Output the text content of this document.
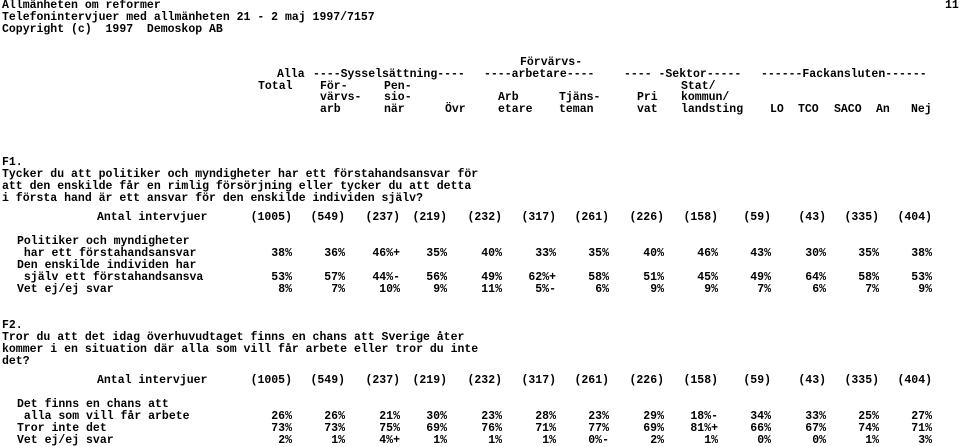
Allmänheten om reformer	11
Telefonintervjuer med allmänheten 21 - 2 maj 1997/7157
Copyright (c)  1997  Demoskop AB
Förvärvs-
Alla ----Sysselsättning---- ----arbetare----	---- -Sektor----- ------Fackansluten------
Total För-	Pen-	Stat/
värvs- sio-	Arb	Tjäns-	Pri kommun/
arb	när	Övr	etare teman	vat landsting LO TCO SACO An Nej
F1.
Tycker du att politiker och myndigheter har ett förstahandsansvar för
att den enskilde får en rimlig försörjning eller tycker du att detta
i första hand är ett ansvar för den enskilde individen själv?
Antal intervjuer	(1005) (549) (237) (219) (232) (317) (261) (226) (158) (59) (43) (335) (404)
Politiker och myndigheter
har ett förstahandsansvar	38%	36% 46%+ 35%	40%	33%	35%	40%	46%	43%	30%	35%	38%
Den enskilde individen har
själv ett förstahandsansva	53%	57% 44%- 56%	49% 62%+	58%	51%	45%	49%	64%	58%	53%
Vet ej/ej svar	8%	7%	10%	9%	11%	5%-	6%	9%	9%	7%	6%	7%	9%
F2.
Tror du att det idag överhuvudtaget finns en chans att Sverige åter
kommer i en situation där alla som vill får arbete eller tror du inte
det?
Antal intervjuer	(1005) (549) (237) (219) (232) (317) (261) (226) (158) (59) (43) (335) (404)
Det finns en chans att
alla som vill får arbete	26%	26%	21% 30%	23%	28%	23%	29% 18%-	34%	33%	25%	27%
Tror inte det	73%	73%	75% 69%	76%	71%	77%	69% 81%+	66%	67%	74%	71%
Vet ej/ej svar	2%	1%	4%+	1%	1%	1%	0%-	2%	1%	0%	0%	1%	3%
